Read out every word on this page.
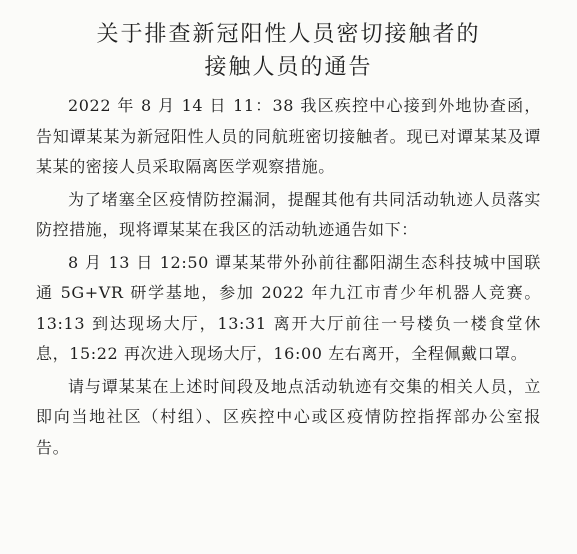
关于排查新冠阳性人员密切接触者的
接触人员的通告

2022 年 8 月 14 日 11：38 我区疾控中心接到外地协查函，告知谭某某为新冠阳性人员的同航班密切接触者。现已对谭某某及谭某某的密接人员采取隔离医学观察措施。

为了堵塞全区疫情防控漏洞，提醒其他有共同活动轨迹人员落实防控措施，现将谭某某在我区的活动轨迹通告如下：

8 月 13 日 12:50 谭某某带外孙前往鄱阳湖生态科技城中国联通 5G+VR 研学基地，参加 2022 年九江市青少年机器人竞赛。13:13 到达现场大厅，13:31 离开大厅前往一号楼负一楼食堂休息，15:22 再次进入现场大厅，16:00 左右离开，全程佩戴口罩。

请与谭某某在上述时间段及地点活动轨迹有交集的相关人员，立即向当地社区（村组）、区疾控中心或区疫情防控指挥部办公室报告。
